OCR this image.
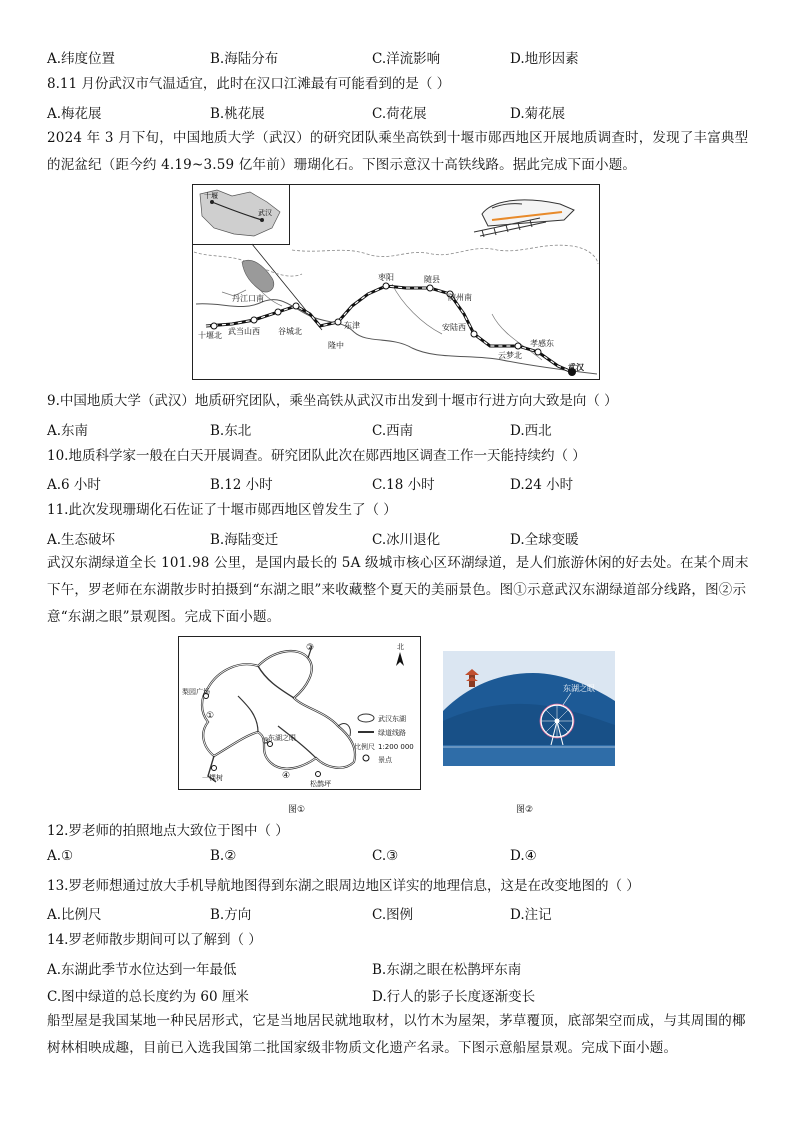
A.纬度位置	B.海陆分布	C.洋流影响	D.地形因素
8.11 月份武汉市气温适宜，此时在汉口江滩最有可能看到的是（ ）
A.梅花展	B.桃花展	C.荷花展	D.菊花展
2024 年 3 月下旬，中国地质大学（武汉）的研究团队乘坐高铁到十堰市郧西地区开展地质调查时，发现了丰富典型的泥盆纪（距今约 4.19~3.59 亿年前）珊瑚化石。下图示意汉十高铁线路。据此完成下面小题。
十堰
武汉
十堰北 武当山西
丹江口南
谷城北
隆中
东津
枣阳	随县
随州南
安陆西
云梦北
孝感东
武汉
9.中国地质大学（武汉）地质研究团队，乘坐高铁从武汉市出发到十堰市行进方向大致是向（ ）
A.东南	B.东北	C.西南	D.西北
10.地质科学家一般在白天开展调查。研究团队此次在郧西地区调查工作一天能持续约（ ）
A.6 小时	B.12 小时	C.18 小时	D.24 小时
11.此次发现珊瑚化石佐证了十堰市郧西地区曾发生了（ ）
A.生态破坏	B.海陆变迁	C.冰川退化	D.全球变暖
武汉东湖绿道全长 101.98 公里，是国内最长的 5A 级城市核心区环湖绿道，是人们旅游休闲的好去处。在某个周末下午，罗老师在东湖散步时拍摄到“东湖之眼”来收藏整个夏天的美丽景色。图①示意武汉东湖绿道部分线路，图②示意“东湖之眼”景观图。完成下面小题。
①
②
③
④
梨园广场
一棵树
东湖之眼
松鹊坪
北
武汉东湖
绿道线路
比例尺 1:200 000
景点
图①
东湖之眼
图②
12.罗老师的拍照地点大致位于图中（ ）
A.①	B.②	C.③	D.④
13.罗老师想通过放大手机导航地图得到东湖之眼周边地区详实的地理信息，这是在改变地图的（ ）
A.比例尺	B.方向	C.图例	D.注记
14.罗老师散步期间可以了解到（ ）
A.东湖此季节水位达到一年最低	B.东湖之眼在松鹊坪东南
C.图中绿道的总长度约为 60 厘米	D.行人的影子长度逐渐变长
船型屋是我国某地一种民居形式，它是当地居民就地取材，以竹木为屋架，茅草覆顶，底部架空而成，与其周围的椰树林相映成趣，目前已入选我国第二批国家级非物质文化遗产名录。下图示意船屋景观。完成下面小题。
